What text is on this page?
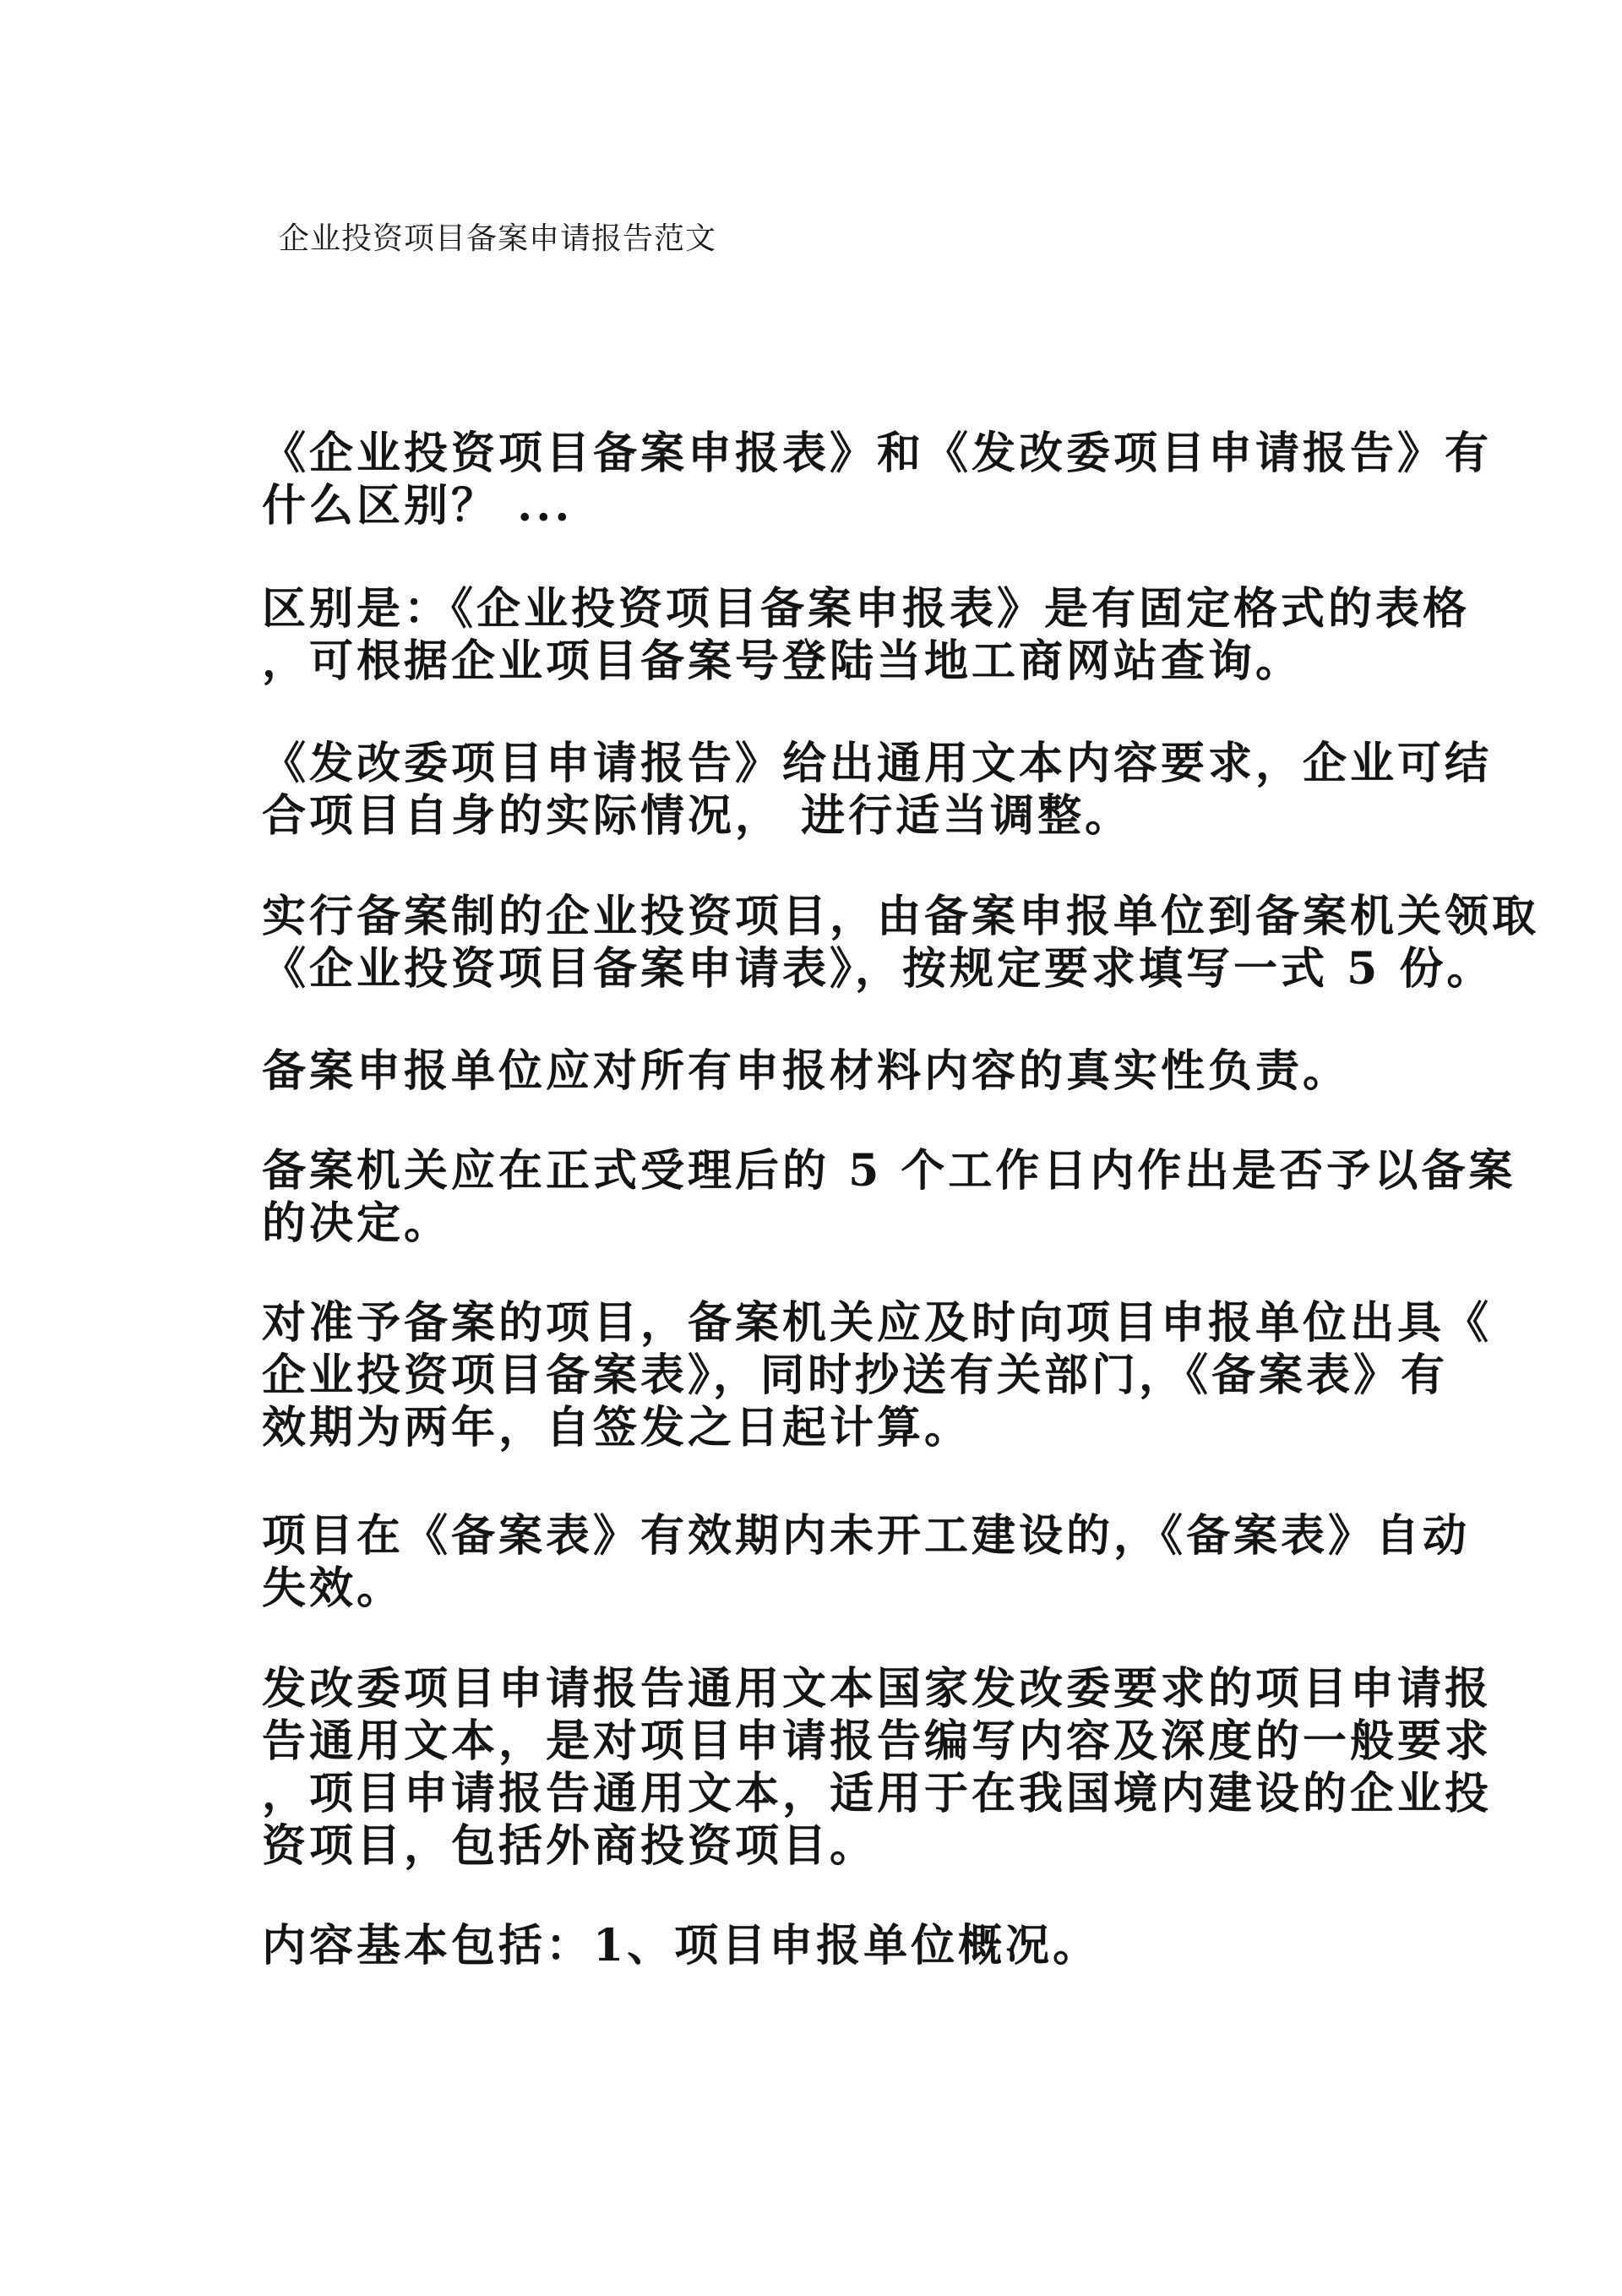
企业投资项目备案申请报告范文

《企业投资项目备案申报表》和《发改委项目申请报告》有

什么区别？ ...

区别是：《企业投资项目备案申报表》是有固定格式的表格

，可根据企业项目备案号登陆当地工商网站查询。

《发改委项目申请报告》给出通用文本内容要求，企业可结

合项目自身的实际情况， 进行适当调整。

实行备案制的企业投资项目，由备案申报单位到备案机关领取

《企业投资项目备案申请表》，按规定要求填写一式 5 份。

备案申报单位应对所有申报材料内容的真实性负责。

备案机关应在正式受理后的 5 个工作日内作出是否予以备案

的决定。

对准予备案的项目，备案机关应及时向项目申报单位出具《

企业投资项目备案表》，同时抄送有关部门，《备案表》有

效期为两年，自签发之日起计算。

项目在《备案表》有效期内未开工建设的，《备案表》自动

失效。

发改委项目申请报告通用文本国家发改委要求的项目申请报

告通用文本，是对项目申请报告编写内容及深度的一般要求

，项目申请报告通用文本，适用于在我国境内建设的企业投

资项目，包括外商投资项目。

内容基本包括：1、项目申报单位概况。
